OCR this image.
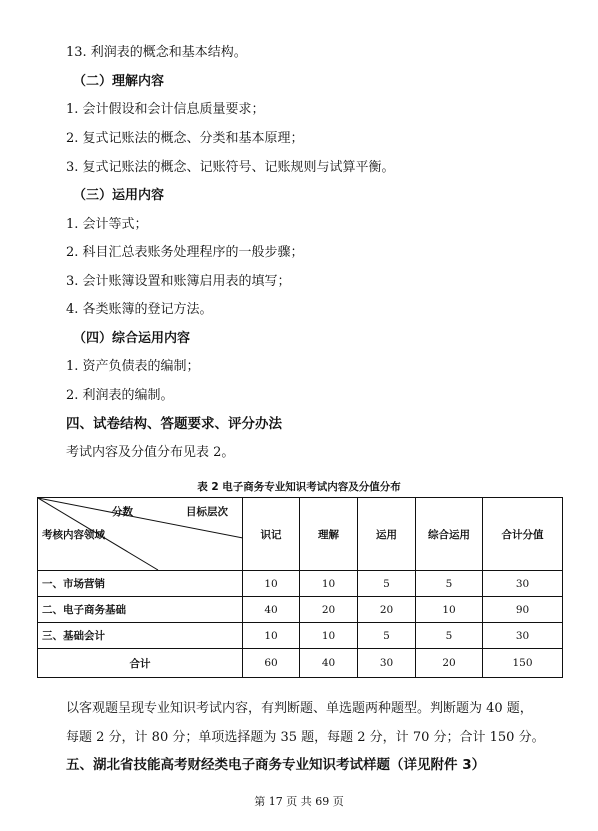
13. 利润表的概念和基本结构。
（二）理解内容
1. 会计假设和会计信息质量要求；
2. 复式记账法的概念、分类和基本原理；
3. 复式记账法的概念、记账符号、记账规则与试算平衡。
（三）运用内容
1. 会计等式；
2. 科目汇总表账务处理程序的一般步骤；
3. 会计账簿设置和账簿启用表的填写；
4. 各类账簿的登记方法。
（四）综合运用内容
1. 资产负债表的编制；
2. 利润表的编制。
四、试卷结构、答题要求、评分办法
考试内容及分值分布见表 2。
表 2 电子商务专业知识考试内容及分值分布
分数 目标层次
考核内容领域	识记	理解	运用	综合运用	合计分值
一、市场营销	10	10	5	5	30
二、电子商务基础	40	20	20	10	90
三、基础会计	10	10	5	5	30
合计	60	40	30	20	150
以客观题呈现专业知识考试内容，有判断题、单选题两种题型。判断题为 40 题，
每题 2 分，计 80 分；单项选择题为 35 题，每题 2 分，计 70 分；合计 150 分。
五、湖北省技能高考财经类电子商务专业知识考试样题（详见附件 3）
第 17 页 共 69 页
